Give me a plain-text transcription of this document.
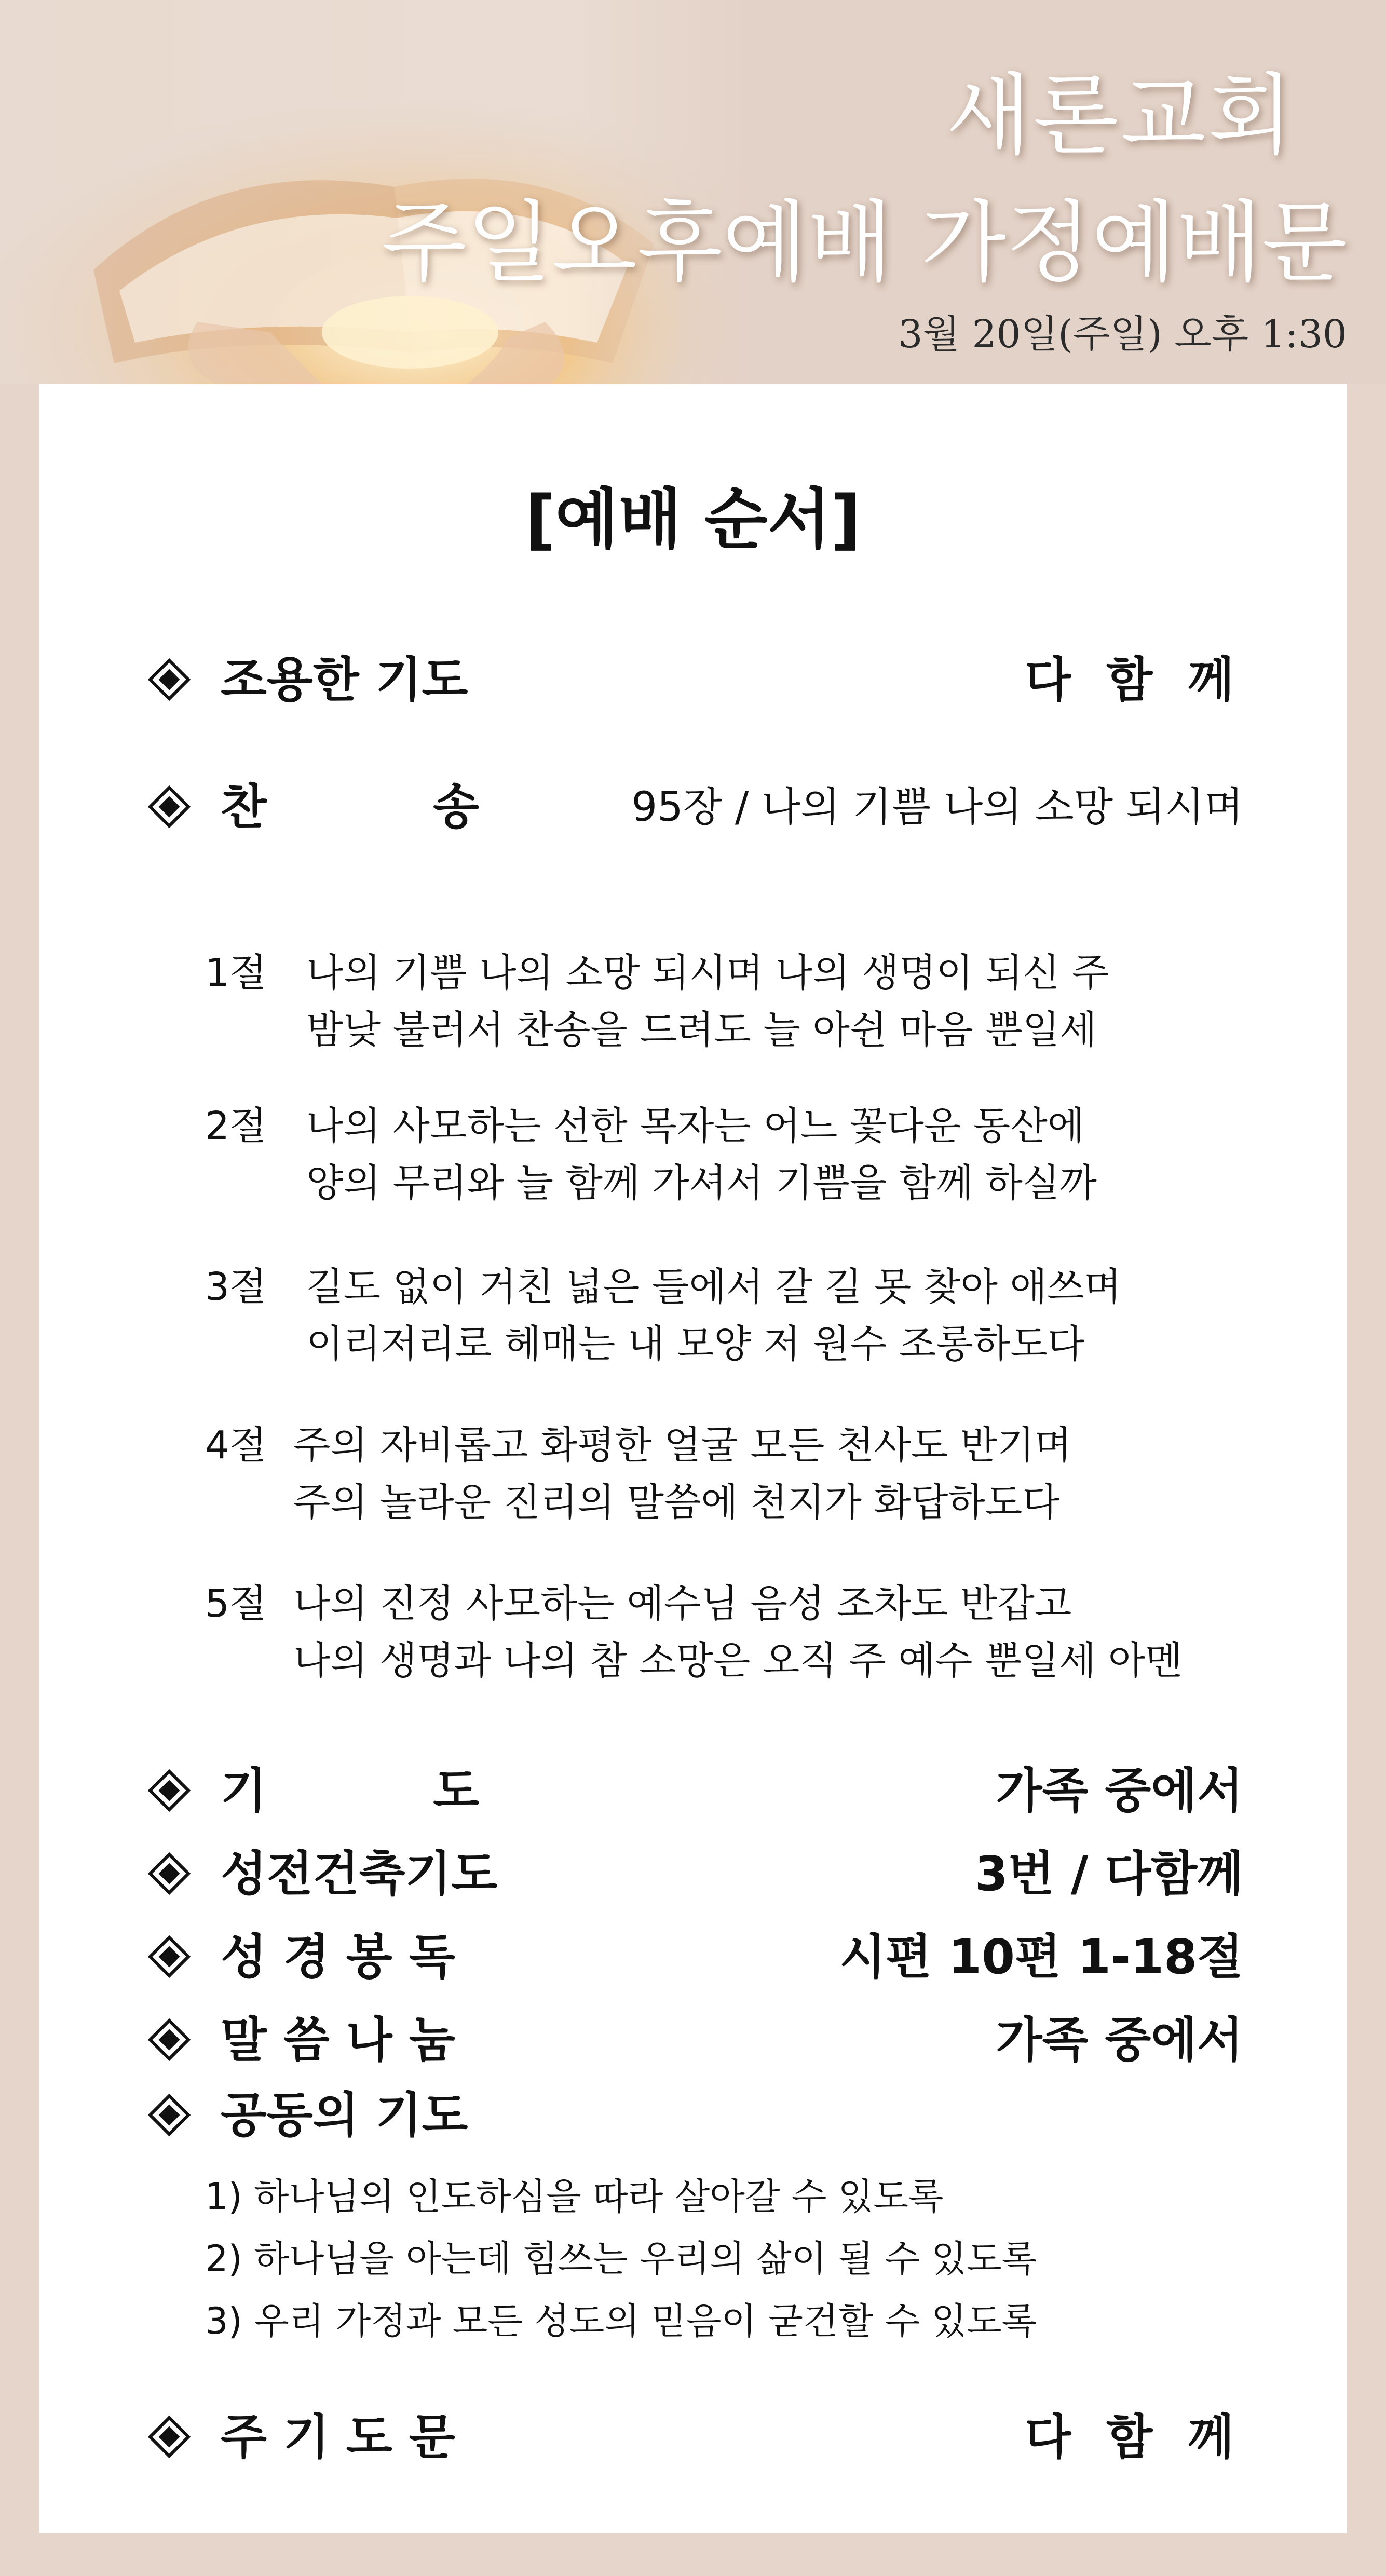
새론교회
주일오후예배 가정예배문
3월 20일(주일) 오후 1:30
[예배 순서]
조용한 기도	다 함 께
찬          송	95장 / 나의 기쁨 나의 소망 되시며
1절 나의 기쁨 나의 소망 되시며 나의 생명이 되신 주
밤낮 불러서 찬송을 드려도 늘 아쉰 마음 뿐일세
2절 나의 사모하는 선한 목자는 어느 꽃다운 동산에
양의 무리와 늘 함께 가셔서 기쁨을 함께 하실까
3절 길도 없이 거친 넓은 들에서 갈 길 못 찾아 애쓰며
이리저리로 헤매는 내 모양 저 원수 조롱하도다
4절 주의 자비롭고 화평한 얼굴 모든 천사도 반기며
주의 놀라운 진리의 말씀에 천지가 화답하도다
5절 나의 진정 사모하는 예수님 음성 조차도 반갑고
나의 생명과 나의 참 소망은 오직 주 예수 뿐일세 아멘
기          도	가족 중에서
성전건축기도	3번 / 다함께
성 경 봉 독	시편 10편 1-18절
말 씀 나 눔	가족 중에서
공동의 기도
1) 하나님의 인도하심을 따라 살아갈 수 있도록
2) 하나님을 아는데 힘쓰는 우리의 삶이 될 수 있도록
3) 우리 가정과 모든 성도의 믿음이 굳건할 수 있도록
주 기 도 문	다 함 께
